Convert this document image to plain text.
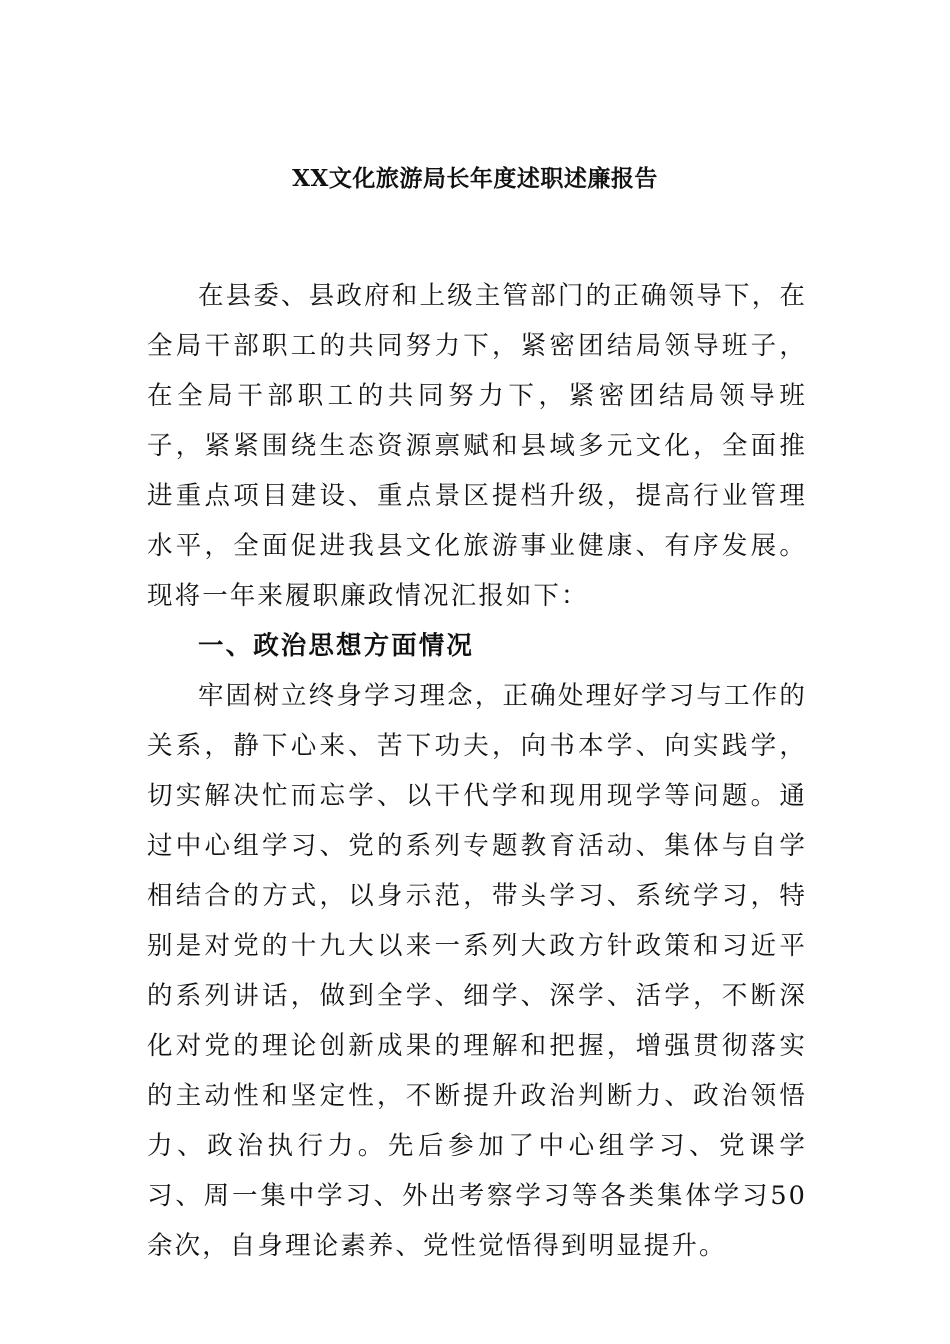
XX文化旅游局长年度述职述廉报告

在县委、县政府和上级主管部门的正确领导下，在全局干部职工的共同努力下，紧密团结局领导班子，在全局干部职工的共同努力下，紧密团结局领导班子，紧紧围绕生态资源禀赋和县域多元文化，全面推进重点项目建设、重点景区提档升级，提高行业管理水平，全面促进我县文化旅游事业健康、有序发展。现将一年来履职廉政情况汇报如下：

一、政治思想方面情况

牢固树立终身学习理念，正确处理好学习与工作的关系，静下心来、苦下功夫，向书本学、向实践学，切实解决忙而忘学、以干代学和现用现学等问题。通过中心组学习、党的系列专题教育活动、集体与自学相结合的方式，以身示范，带头学习、系统学习，特别是对党的十九大以来一系列大政方针政策和习近平的系列讲话，做到全学、细学、深学、活学，不断深化对党的理论创新成果的理解和把握，增强贯彻落实的主动性和坚定性，不断提升政治判断力、政治领悟力、政治执行力。先后参加了中心组学习、党课学习、周一集中学习、外出考察学习等各类集体学习50余次，自身理论素养、党性觉悟得到明显提升。
